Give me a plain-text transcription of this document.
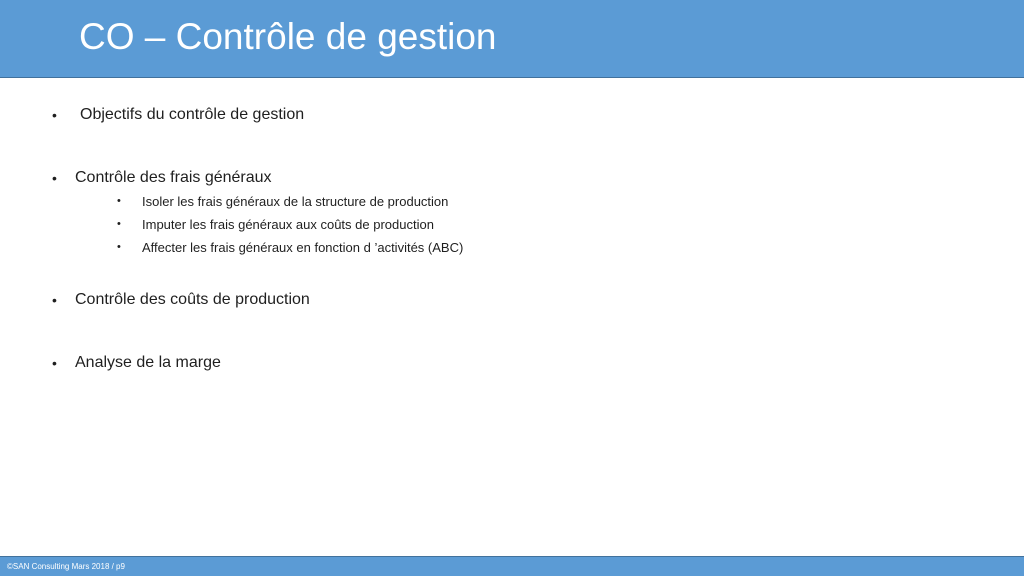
CO – Contrôle de gestion
• Objectifs du contrôle de gestion
• Contrôle des frais généraux
• Isoler les frais généraux de la structure de production
• Imputer les frais généraux aux coûts de production
• Affecter les frais généraux en fonction d ’activités (ABC)
• Contrôle des coûts de production
• Analyse de la marge
©SAN Consulting Mars 2018 / p9
